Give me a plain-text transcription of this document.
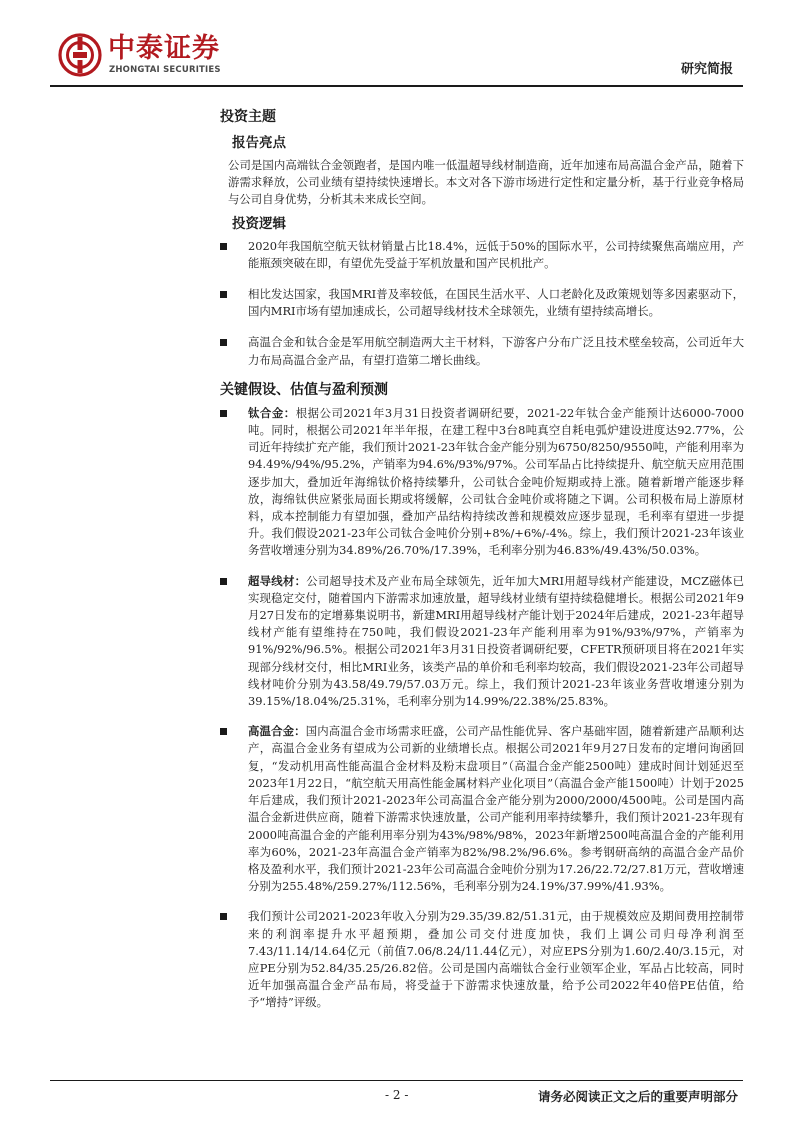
中泰证券
ZHONGTAI SECURITIES	研究简报
投资主题
报告亮点

公司是国内高端钛合金领跑者，是国内唯一低温超导线材制造商，近年加速布局高温合金产品，随着下游需求释放，公司业绩有望持续快速增长。本文对各下游市场进行定性和定量分析，基于行业竞争格局与公司自身优势，分析其未来成长空间。

投资逻辑
2020年我国航空航天钛材销量占比18.4%，远低于50%的国际水平，公司持续聚焦高端应用，产能瓶颈突破在即，有望优先受益于军机放量和国产民机批产。
相比发达国家，我国MRI普及率较低，在国民生活水平、人口老龄化及政策规划等多因素驱动下，国内MRI市场有望加速成长，公司超导线材技术全球领先，业绩有望持续高增长。
高温合金和钛合金是军用航空制造两大主干材料，下游客户分布广泛且技术壁垒较高，公司近年大力布局高温合金产品，有望打造第二增长曲线。
关键假设、估值与盈利预测
钛合金：根据公司2021年3月31日投资者调研纪要，2021-22年钛合金产能预计达6000-7000吨。同时，根据公司2021年半年报，在建工程中3台8吨真空自耗电弧炉建设进度达92.77%，公司近年持续扩充产能，我们预计2021-23年钛合金产能分别为6750/8250/9550吨，产能利用率为94.49%/94%/95.2%，产销率为94.6%/93%/97%。公司军品占比持续提升、航空航天应用范围逐步加大，叠加近年海绵钛价格持续攀升，公司钛合金吨价短期或持上涨。随着新增产能逐步释放，海绵钛供应紧张局面长期或将缓解，公司钛合金吨价或将随之下调。公司积极布局上游原材料，成本控制能力有望加强，叠加产品结构持续改善和规模效应逐步显现，毛利率有望进一步提升。我们假设2021-23年公司钛合金吨价分别+8%/+6%/-4%。综上，我们预计2021-23年该业务营收增速分别为34.89%/26.70%/17.39%，毛利率分别为46.83%/49.43%/50.03%。
超导线材：公司超导技术及产业布局全球领先，近年加大MRI用超导线材产能建设，MCZ磁体已实现稳定交付，随着国内下游需求加速放量，超导线材业绩有望持续稳健增长。根据公司2021年9月27日发布的定增募集说明书，新建MRI用超导线材产能计划于2024年后建成，2021-23年超导线材产能有望维持在750吨，我们假设2021-23年产能利用率为91%/93%/97%，产销率为91%/92%/96.5%。根据公司2021年3月31日投资者调研纪要，CFETR预研项目将在2021年实现部分线材交付，相比MRI业务，该类产品的单价和毛利率均较高，我们假设2021-23年公司超导线材吨价分别为43.58/49.79/57.03万元。综上，我们预计2021-23年该业务营收增速分别为39.15%/18.04%/25.31%，毛利率分别为14.99%/22.38%/25.83%。
高温合金：国内高温合金市场需求旺盛，公司产品性能优异、客户基础牢固，随着新建产品顺利达产，高温合金业务有望成为公司新的业绩增长点。根据公司2021年9月27日发布的定增问询函回复，“发动机用高性能高温合金材料及粉末盘项目”（高温合金产能2500吨）建成时间计划延迟至2023年1月22日，“航空航天用高性能金属材料产业化项目”（高温合金产能1500吨）计划于2025年后建成，我们预计2021-2023年公司高温合金产能分别为2000/2000/4500吨。公司是国内高温合金新进供应商，随着下游需求快速放量，公司产能利用率持续攀升，我们预计2021-23年现有2000吨高温合金的产能利用率分别为43%/98%/98%，2023年新增2500吨高温合金的产能利用率为60%，2021-23年高温合金产销率为82%/98.2%/96.6%。参考钢研高纳的高温合金产品价格及盈利水平，我们预计2021-23年公司高温合金吨价分别为17.26/22.72/27.81万元，营收增速分别为255.48%/259.27%/112.56%，毛利率分别为24.19%/37.99%/41.93%。
我们预计公司2021-2023年收入分别为29.35/39.82/51.31元，由于规模效应及期间费用控制带来的利润率提升水平超预期，叠加公司交付进度加快，我们上调公司归母净利润至7.43/11.14/14.64亿元（前值7.06/8.24/11.44亿元），对应EPS分别为1.60/2.40/3.15元，对应PE分别为52.84/35.25/26.82倍。公司是国内高端钛合金行业领军企业，军品占比较高，同时近年加强高温合金产品布局，将受益于下游需求快速放量，给予公司2022年40倍PE估值，给予“增持”评级。
- 2 -	请务必阅读正文之后的重要声明部分
